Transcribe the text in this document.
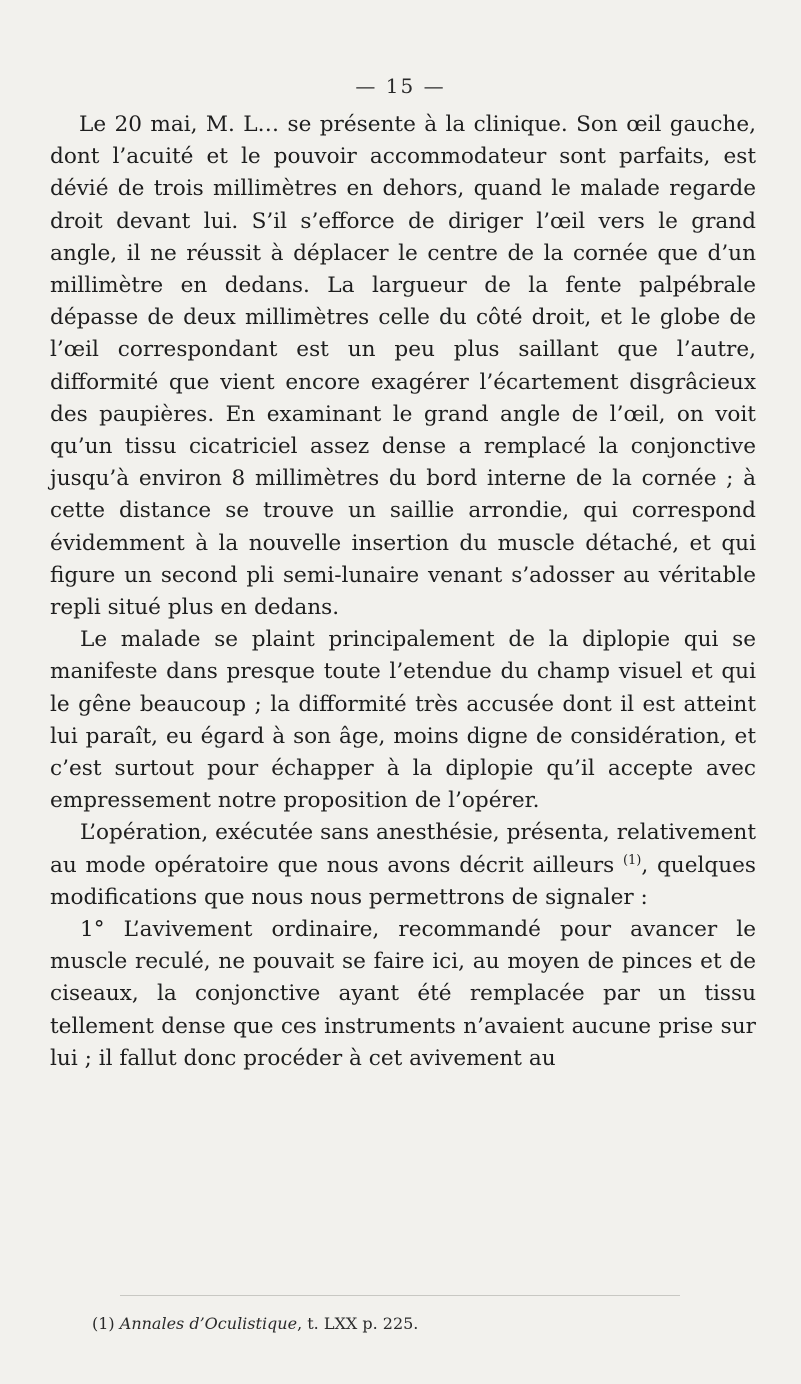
— 15 —

Le 20 mai, M. L… se présente à la clinique. Son œil gauche, dont l’acuité et le pouvoir accommodateur sont parfaits, est dévié de trois millimètres en dehors, quand le malade regarde droit devant lui. S’il s’efforce de diriger l’œil vers le grand angle, il ne réussit à déplacer le centre de la cornée que d’un millimètre en dedans. La largueur de la fente palpébrale dépasse de deux millimètres celle du côté droit, et le globe de l’œil correspondant est un peu plus saillant que l’autre, difformité que vient encore exagérer l’écartement disgrâcieux des paupières. En examinant le grand angle de l’œil, on voit qu’un tissu cicatriciel assez dense a remplacé la conjonctive jusqu’à environ 8 millimètres du bord interne de la cornée ; à cette distance se trouve un saillie arrondie, qui correspond évidemment à la nouvelle insertion du muscle détaché, et qui figure un second pli semi-lunaire venant s’adosser au véritable repli situé plus en dedans.

Le malade se plaint principalement de la diplopie qui se manifeste dans presque toute l’etendue du champ visuel et qui le gêne beaucoup ; la difformité très accusée dont il est atteint lui paraît, eu égard à son âge, moins digne de considération, et c’est surtout pour échapper à la diplopie qu’il accepte avec empressement notre proposition de l’opérer.

L’opération, exécutée sans anesthésie, présenta, relativement au mode opératoire que nous avons décrit ailleurs $^{(1)}$, quelques modifications que nous nous permettrons de signaler :

1° L’avivement ordinaire, recommandé pour avancer le muscle reculé, ne pouvait se faire ici, au moyen de pinces et de ciseaux, la conjonctive ayant été remplacée par un tissu tellement dense que ces instruments n’avaient aucune prise sur lui ; il fallut donc procéder à cet avivement au

(1) Annales d’Oculistique, t. LXX p. 225.
